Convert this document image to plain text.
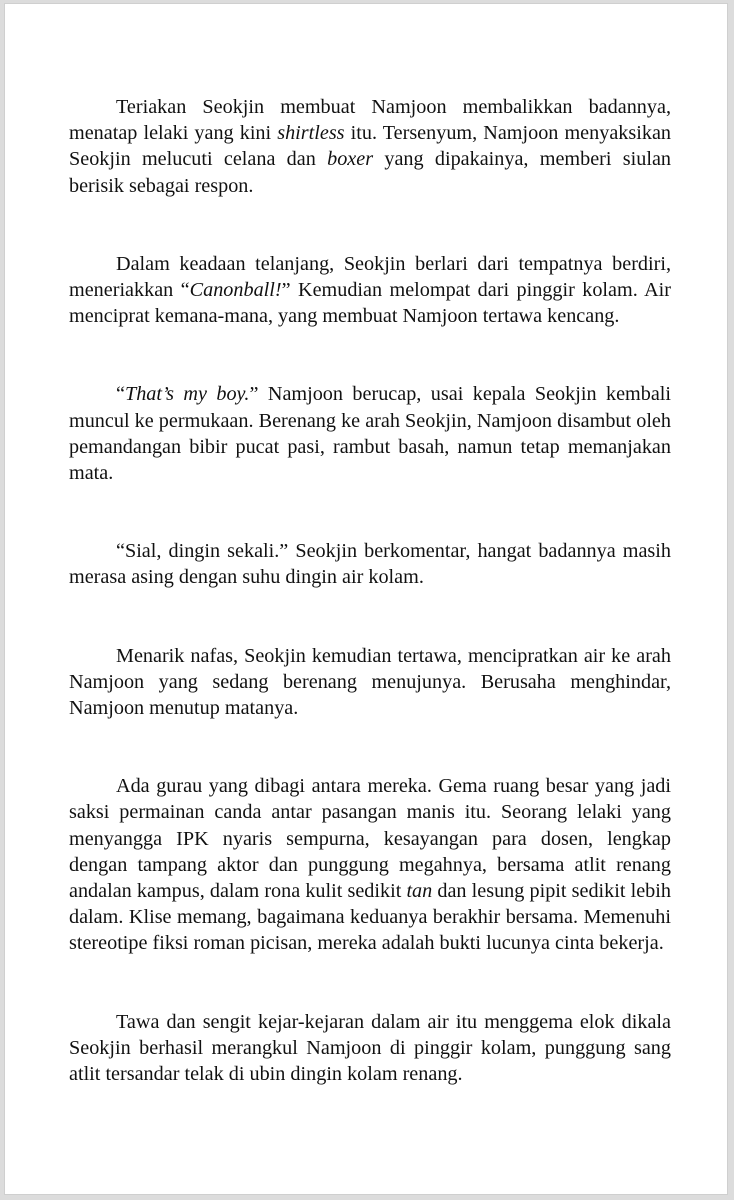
Teriakan Seokjin membuat Namjoon membalikkan badannya, menatap lelaki yang kini shirtless itu. Tersenyum, Namjoon menyaksikan Seokjin melucuti celana dan boxer yang dipakainya, memberi siulan berisik sebagai respon.

Dalam keadaan telanjang, Seokjin berlari dari tempatnya berdiri, meneriakkan “Canonball!” Kemudian melompat dari pinggir kolam. Air menciprat kemana-mana, yang membuat Namjoon tertawa kencang.

“That’s my boy.” Namjoon berucap, usai kepala Seokjin kembali muncul ke permukaan. Berenang ke arah Seokjin, Namjoon disambut oleh pemandangan bibir pucat pasi, rambut basah, namun tetap memanjakan mata.

“Sial, dingin sekali.” Seokjin berkomentar, hangat badannya masih merasa asing dengan suhu dingin air kolam.

Menarik nafas, Seokjin kemudian tertawa, mencipratkan air ke arah Namjoon yang sedang berenang menujunya. Berusaha menghindar, Namjoon menutup matanya.

Ada gurau yang dibagi antara mereka. Gema ruang besar yang jadi saksi permainan canda antar pasangan manis itu. Seorang lelaki yang menyangga IPK nyaris sempurna, kesayangan para dosen, lengkap dengan tampang aktor dan punggung megahnya, bersama atlit renang andalan kampus, dalam rona kulit sedikit tan dan lesung pipit sedikit lebih dalam. Klise memang, bagaimana keduanya berakhir bersama. Memenuhi stereotipe fiksi roman picisan, mereka adalah bukti lucunya cinta bekerja.

Tawa dan sengit kejar-kejaran dalam air itu menggema elok dikala Seokjin berhasil merangkul Namjoon di pinggir kolam, punggung sang atlit tersandar telak di ubin dingin kolam renang.
